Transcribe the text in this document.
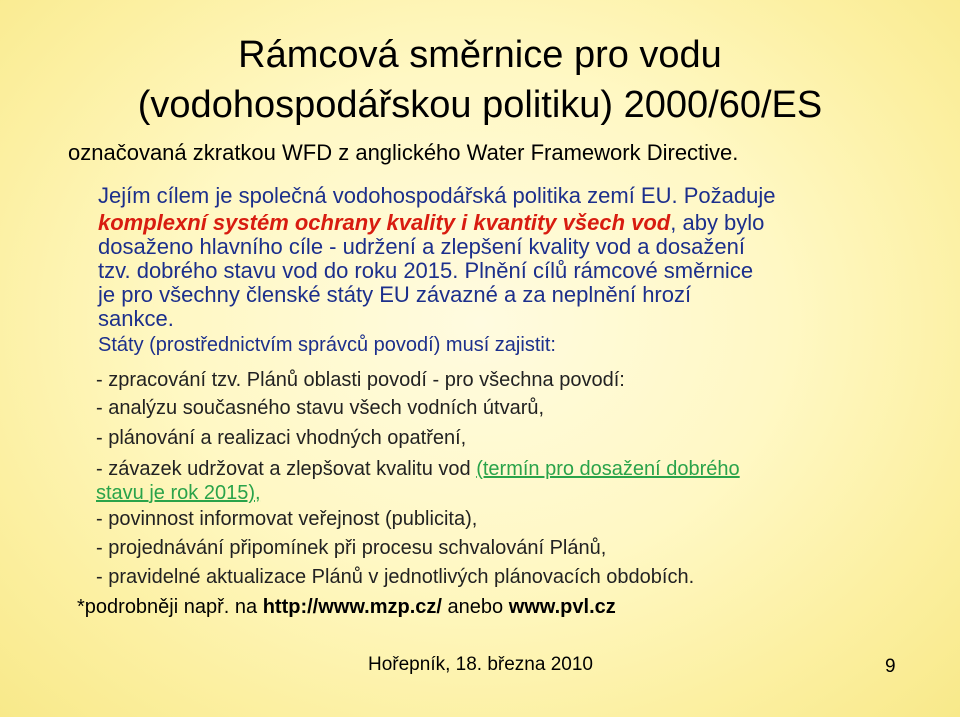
Rámcová směrnice pro vodu
(vodohospodářskou politiku) 2000/60/ES

označovaná zkratkou WFD z anglického Water Framework Directive.

Jejím cílem je společná vodohospodářská politika zemí EU. Požaduje

komplexní systém ochrany kvality i kvantity všech vod, aby bylo

dosaženo hlavního cíle - udržení a zlepšení kvality vod a dosažení

tzv. dobrého stavu vod do roku 2015. Plnění cílů rámcové směrnice

je pro všechny členské státy EU závazné a za neplnění hrozí

sankce.

Státy (prostřednictvím správců povodí) musí zajistit:

- zpracování tzv. Plánů oblasti povodí - pro všechna povodí:

- analýzu současného stavu všech vodních útvarů,

- plánování a realizaci vhodných opatření,

- závazek udržovat a zlepšovat kvalitu vod (termín pro dosažení dobrého

stavu je rok 2015),

- povinnost informovat veřejnost (publicita),

- projednávání připomínek při procesu schvalování Plánů,

- pravidelné aktualizace Plánů v jednotlivých plánovacích obdobích.

*podrobněji např. na http://www.mzp.cz/ anebo www.pvl.cz

Hořepník, 18. března 2010	9
